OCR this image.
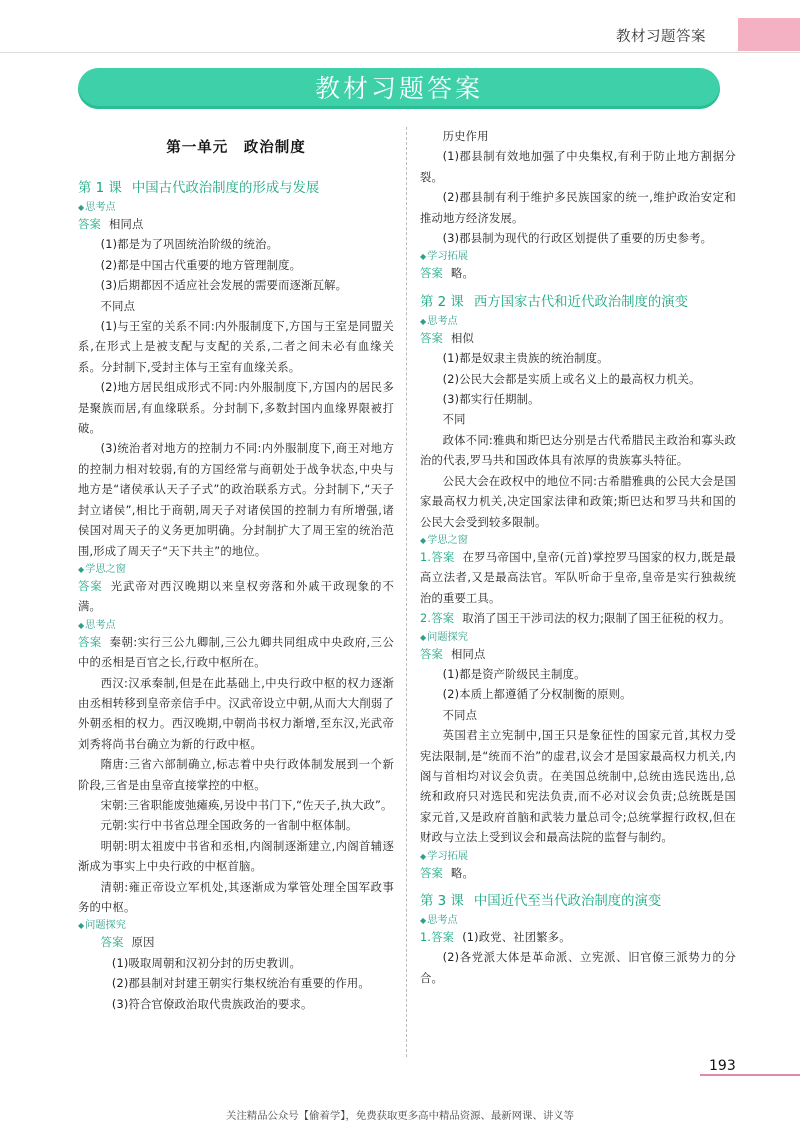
教材习题答案
教材习题答案
第一单元　政治制度
第 1 课 中国古代政治制度的形成与发展
◆ 思考点

答案 相同点

(1)都是为了巩固统治阶级的统治。

(2)都是中国古代重要的地方管理制度。

(3)后期都因不适应社会发展的需要而逐渐瓦解。

不同点

(1)与王室的关系不同:内外服制度下,方国与王室是同盟关系,在形式上是被支配与支配的关系,二者之间未必有血缘关系。分封制下,受封主体与王室有血缘关系。

(2)地方居民组成形式不同:内外服制度下,方国内的居民多是聚族而居,有血缘联系。分封制下,多数封国内血缘界限被打破。

(3)统治者对地方的控制力不同:内外服制度下,商王对地方的控制力相对较弱,有的方国经常与商朝处于战争状态,中央与地方是“诸侯承认天子子式”的政治联系方式。分封制下,“天子封立诸侯”,相比于商朝,周天子对诸侯国的控制力有所增强,诸侯国对周天子的义务更加明确。分封制扩大了周王室的统治范围,形成了周天子“天下共主”的地位。

◆ 学思之窗

答案 光武帝对西汉晚期以来皇权旁落和外戚干政现象的不满。

◆ 思考点

答案 秦朝:实行三公九卿制,三公九卿共同组成中央政府,三公中的丞相是百官之长,行政中枢所在。

西汉:汉承秦制,但是在此基础上,中央行政中枢的权力逐渐由丞相转移到皇帝亲信手中。汉武帝设立中朝,从而大大削弱了外朝丞相的权力。西汉晚期,中朝尚书权力渐增,至东汉,光武帝刘秀将尚书台确立为新的行政中枢。

隋唐:三省六部制确立,标志着中央行政体制发展到一个新阶段,三省是由皇帝直接掌控的中枢。

宋朝:三省职能废弛瘫痪,另设中书门下,“佐天子,执大政”。

元朝:实行中书省总理全国政务的一省制中枢体制。

明朝:明太祖废中书省和丞相,内阁制逐渐建立,内阁首辅逐渐成为事实上中央行政的中枢首脑。

清朝:雍正帝设立军机处,其逐渐成为掌管处理全国军政事务的中枢。

◆ 问题探究

答案 原因

(1)吸取周朝和汉初分封的历史教训。

(2)郡县制对封建王朝实行集权统治有重要的作用。

(3)符合官僚政治取代贵族政治的要求。

历史作用

(1)郡县制有效地加强了中央集权,有利于防止地方割据分裂。

(2)郡县制有利于维护多民族国家的统一,维护政治安定和推动地方经济发展。

(3)郡县制为现代的行政区划提供了重要的历史参考。

◆ 学习拓展

答案 略。

第 2 课 西方国家古代和近代政治制度的演变
◆ 思考点

答案 相似

(1)都是奴隶主贵族的统治制度。

(2)公民大会都是实质上或名义上的最高权力机关。

(3)都实行任期制。

不同

政体不同:雅典和斯巴达分别是古代希腊民主政治和寡头政治的代表,罗马共和国政体具有浓厚的贵族寡头特征。

公民大会在政权中的地位不同:古希腊雅典的公民大会是国家最高权力机关,决定国家法律和政策;斯巴达和罗马共和国的公民大会受到较多限制。

◆ 学思之窗

1.答案 在罗马帝国中,皇帝(元首)掌控罗马国家的权力,既是最高立法者,又是最高法官。军队听命于皇帝,皇帝是实行独裁统治的重要工具。

2.答案 取消了国王干涉司法的权力;限制了国王征税的权力。

◆ 问题探究

答案 相同点

(1)都是资产阶级民主制度。

(2)本质上都遵循了分权制衡的原则。

不同点

英国君主立宪制中,国王只是象征性的国家元首,其权力受宪法限制,是“统而不治”的虚君,议会才是国家最高权力机关,内阁与首相均对议会负责。在美国总统制中,总统由选民选出,总统和政府只对选民和宪法负责,而不必对议会负责;总统既是国家元首,又是政府首脑和武装力量总司令;总统掌握行政权,但在财政与立法上受到议会和最高法院的监督与制约。

◆ 学习拓展

答案 略。

第 3 课 中国近代至当代政治制度的演变
◆ 思考点

1.答案 (1)政党、社团繁多。

(2)各党派大体是革命派、立宪派、旧官僚三派势力的分合。

193
关注精品公众号【偷着学】，免费获取更多高中精品资源、最新网课、讲义等
